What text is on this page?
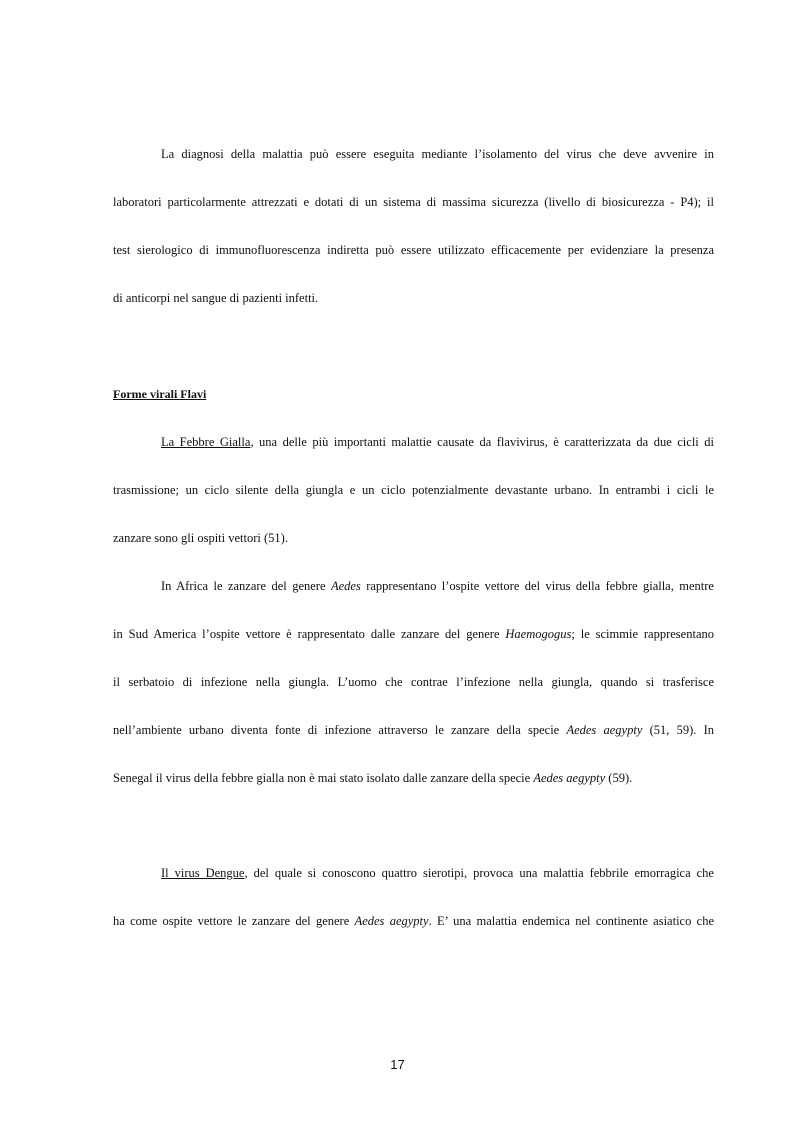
La diagnosi della malattia può essere eseguita mediante l’isolamento del virus che deve avvenire in
laboratori particolarmente attrezzati e dotati di un sistema di massima sicurezza (livello di biosicurezza - P4); il
test sierologico di immunofluorescenza indiretta può essere utilizzato efficacemente per evidenziare la presenza
di anticorpi nel sangue di pazienti infetti.
Forme virali Flavi
La Febbre Gialla, una delle più importanti malattie causate da flavivirus, è caratterizzata da due cicli di
trasmissione; un ciclo silente della giungla e un ciclo potenzialmente devastante urbano. In entrambi i cicli le
zanzare sono gli ospiti vettori (51).
In Africa le zanzare del genere Aedes rappresentano l’ospite vettore del virus della febbre gialla, mentre
in Sud America l’ospite vettore è rappresentato dalle zanzare del genere Haemogogus; le scimmie rappresentano
il serbatoio di infezione nella giungla. L’uomo che contrae l’infezione nella giungla, quando si trasferisce
nell’ambiente urbano diventa fonte di infezione attraverso le zanzare della specie Aedes aegypty (51, 59). In
Senegal il virus della febbre gialla non è mai stato isolato dalle zanzare della specie Aedes aegypty (59).
Il virus Dengue, del quale si conoscono quattro sierotipi, provoca una malattia febbrile emorragica che
ha come ospite vettore le zanzare del genere Aedes aegypty. E’ una malattia endemica nel continente asiatico che
17
